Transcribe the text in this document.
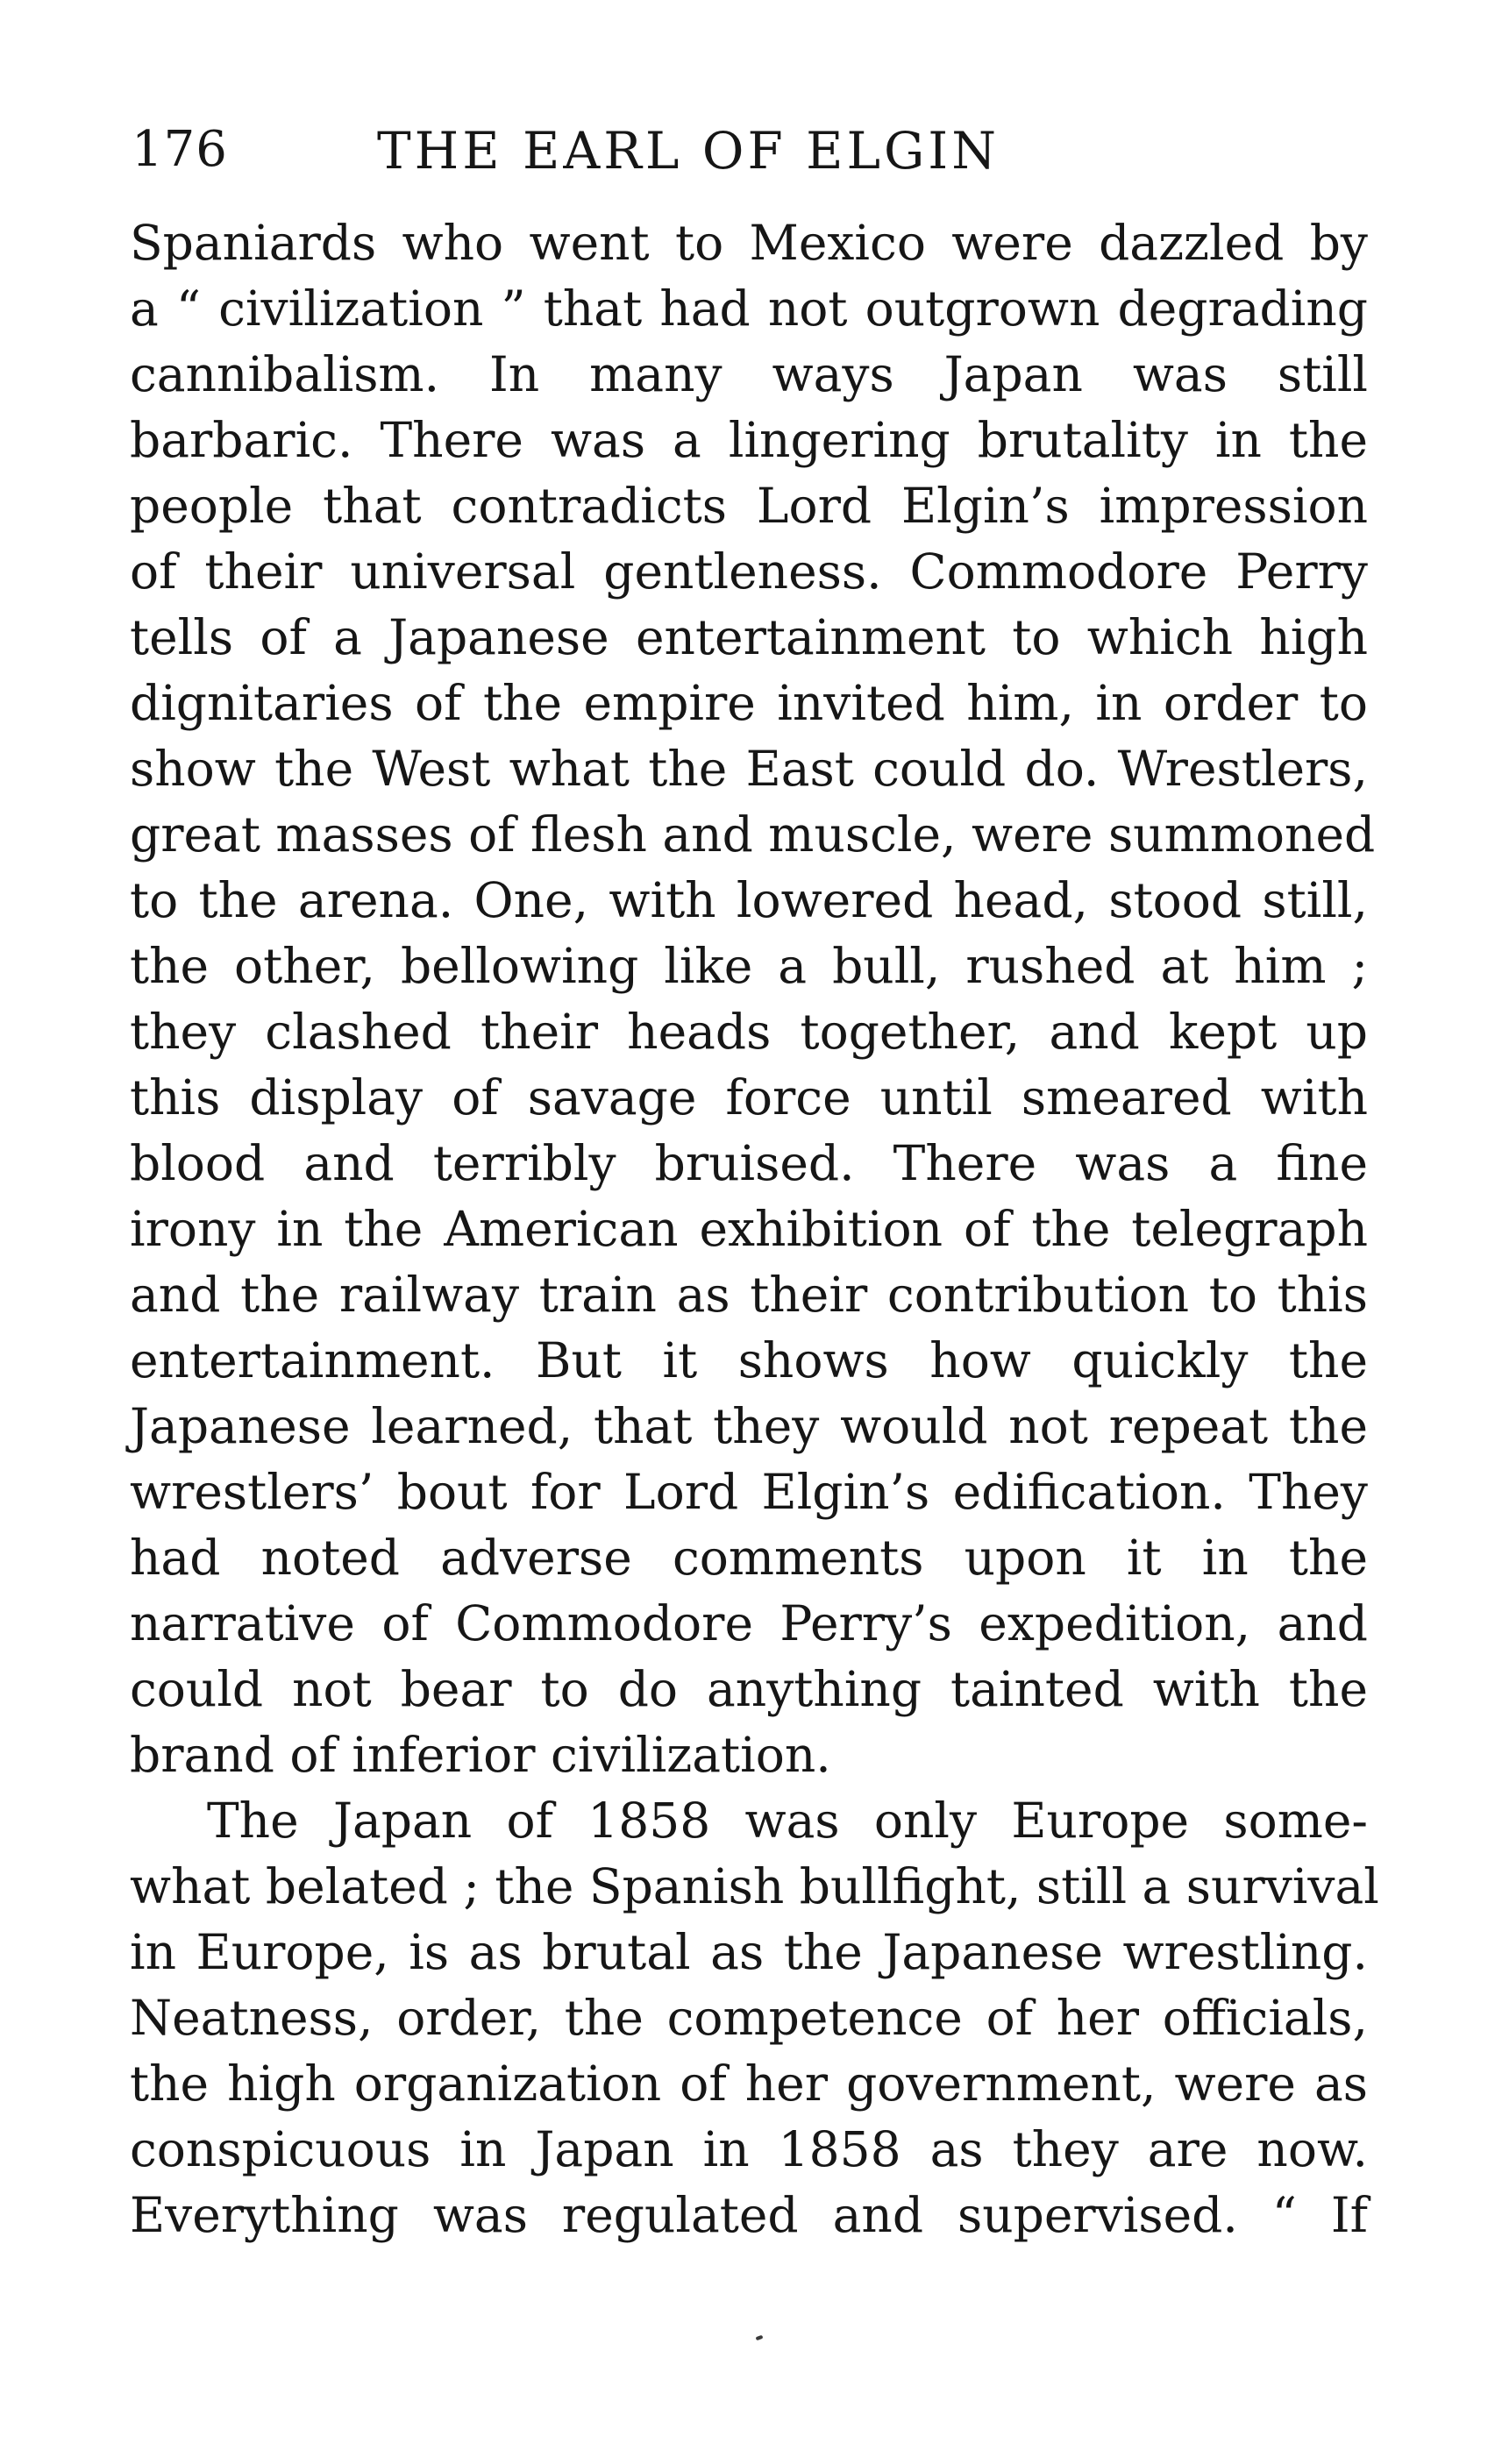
176	THE EARL OF ELGIN
Spaniards who went to Mexico were dazzled by
a “ civilization ” that had not outgrown degrading
cannibalism. In many ways Japan was still
barbaric. There was a lingering brutality in the
people that contradicts Lord Elgin’s impression
of their universal gentleness. Commodore Perry
tells of a Japanese entertainment to which high
dignitaries of the empire invited him, in order to
show the West what the East could do. Wrestlers,
great masses of flesh and muscle, were summoned
to the arena. One, with lowered head, stood still,
the other, bellowing like a bull, rushed at him ;
they clashed their heads together, and kept up
this display of savage force until smeared with
blood and terribly bruised. There was a fine
irony in the American exhibition of the telegraph
and the railway train as their contribution to this
entertainment. But it shows how quickly the
Japanese learned, that they would not repeat the
wrestlers’ bout for Lord Elgin’s edification. They
had noted adverse comments upon it in the
narrative of Commodore Perry’s expedition, and
could not bear to do anything tainted with the
brand of inferior civilization.
The Japan of 1858 was only Europe some-
what belated ; the Spanish bullfight, still a survival
in Europe, is as brutal as the Japanese wrestling.
Neatness, order, the competence of her officials,
the high organization of her government, were as
conspicuous in Japan in 1858 as they are now.
Everything was regulated and supervised. “ If
